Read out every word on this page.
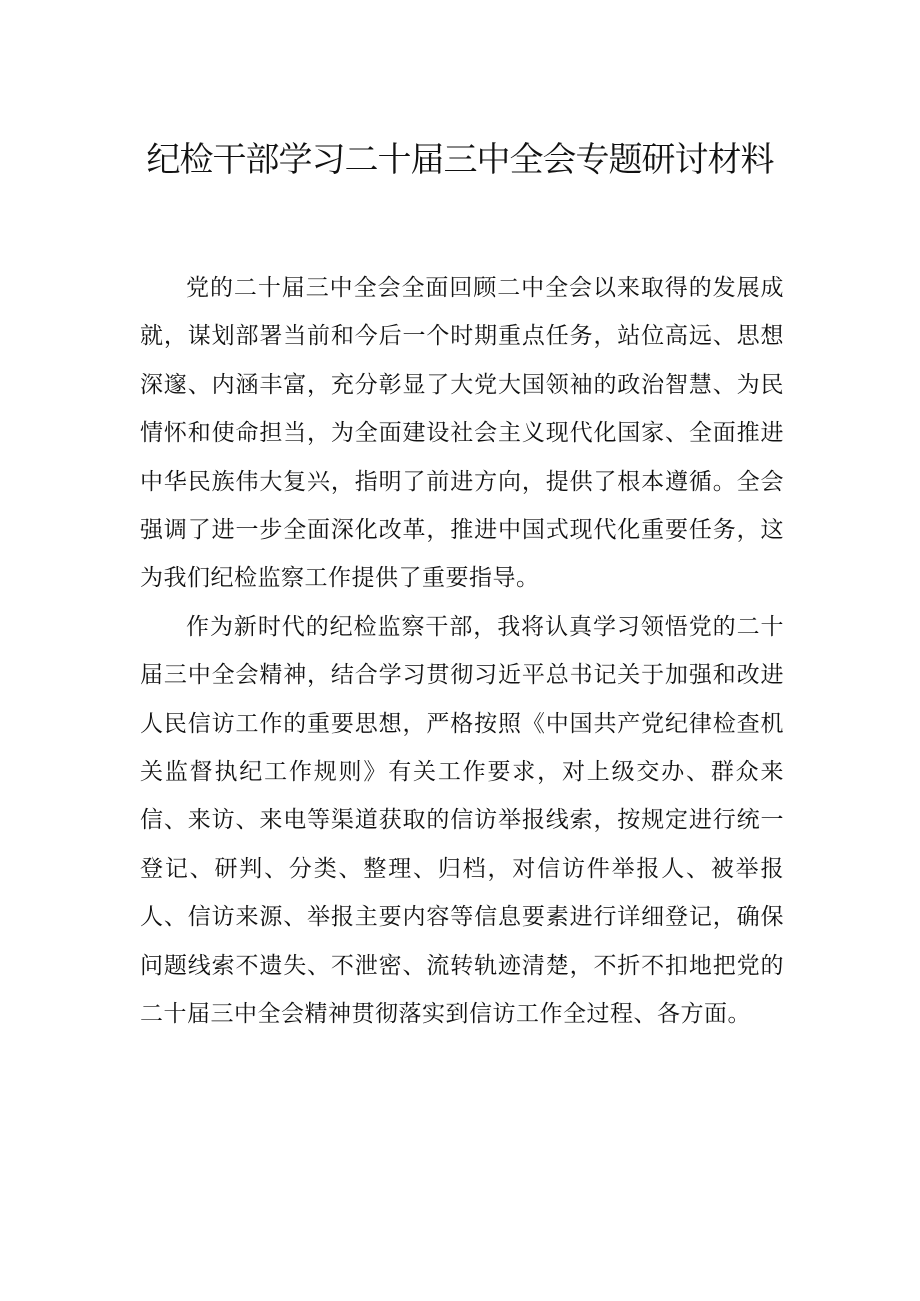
纪检干部学习二十届三中全会专题研讨材料

党的二十届三中全会全面回顾二中全会以来取得的发展成就，谋划部署当前和今后一个时期重点任务，站位高远、思想深邃、内涵丰富，充分彰显了大党大国领袖的政治智慧、为民情怀和使命担当，为全面建设社会主义现代化国家、全面推进中华民族伟大复兴，指明了前进方向，提供了根本遵循。全会强调了进一步全面深化改革，推进中国式现代化重要任务，这为我们纪检监察工作提供了重要指导。

作为新时代的纪检监察干部，我将认真学习领悟党的二十届三中全会精神，结合学习贯彻习近平总书记关于加强和改进人民信访工作的重要思想，严格按照《中国共产党纪律检查机关监督执纪工作规则》有关工作要求，对上级交办、群众来信、来访、来电等渠道获取的信访举报线索，按规定进行统一登记、研判、分类、整理、归档，对信访件举报人、被举报人、信访来源、举报主要内容等信息要素进行详细登记，确保问题线索不遗失、不泄密、流转轨迹清楚，不折不扣地把党的二十届三中全会精神贯彻落实到信访工作全过程、各方面。
